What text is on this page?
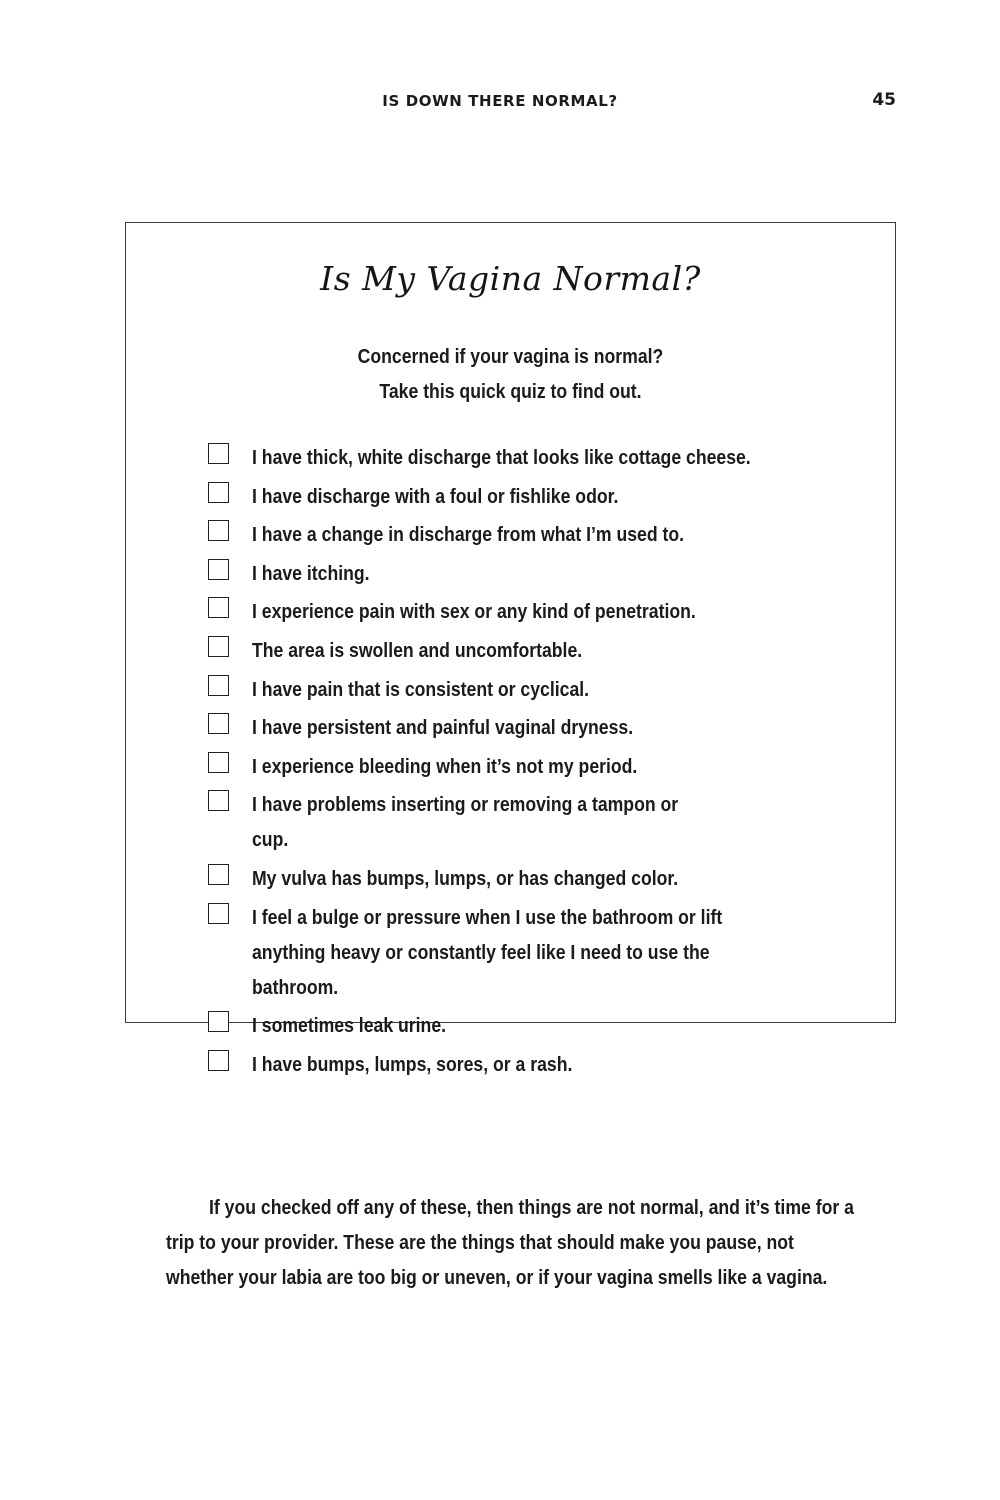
IS DOWN THERE NORMAL?	45
Is My Vagina Normal?
Concerned if your vagina is normal?
Take this quick quiz to find out.
I have thick, white discharge that looks like cottage cheese.
I have discharge with a foul or fishlike odor.
I have a change in discharge from what I’m used to.
I have itching.
I experience pain with sex or any kind of penetration.
The area is swollen and uncomfortable.
I have pain that is consistent or cyclical.
I have persistent and painful vaginal dryness.
I experience bleeding when it’s not my period.
I have problems inserting or removing a tampon or cup.
My vulva has bumps, lumps, or has changed color.
I feel a bulge or pressure when I use the bathroom or lift anything heavy or constantly feel like I need to use the bathroom.
I sometimes leak urine.
I have bumps, lumps, sores, or a rash.

If you checked off any of these, then things are not normal, and it’s time for a trip to your provider. These are the things that should make you pause, not whether your labia are too big or uneven, or if your vagina smells like a vagina.
